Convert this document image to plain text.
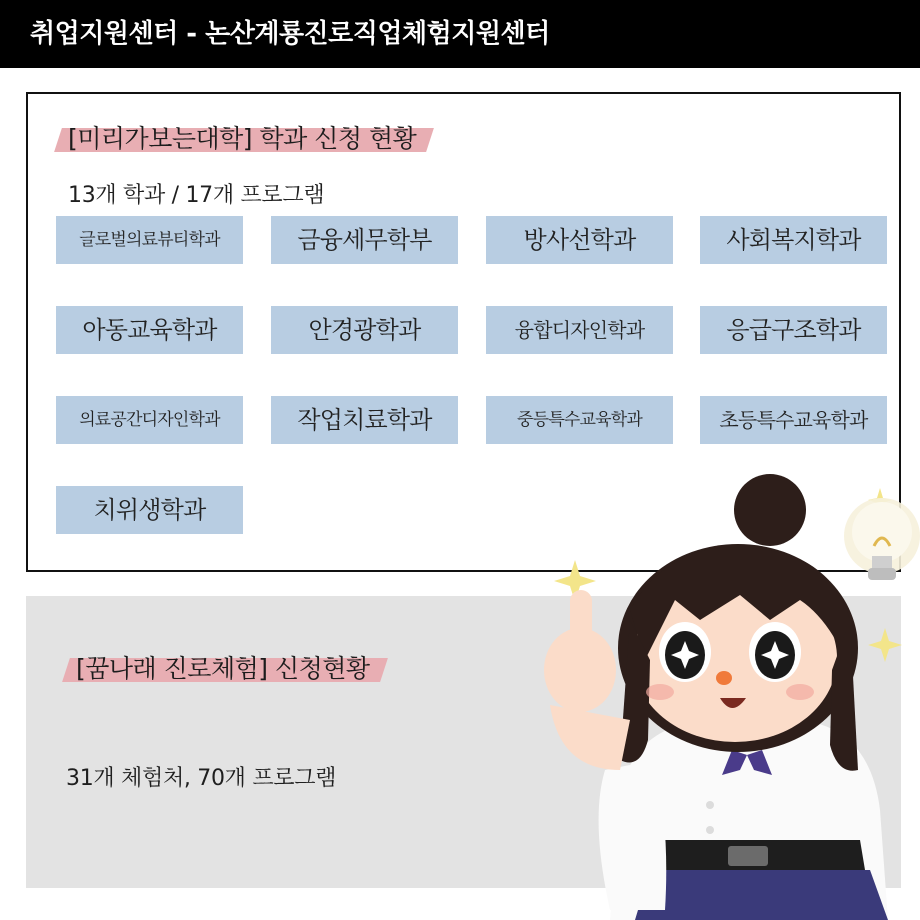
취업지원센터 - 논산계룡진로직업체험지원센터
[미리가보는대학] 학과 신청 현황
13개 학과 / 17개 프로그램
글로벌의료뷰티학과	금융세무학부	방사선학과	사회복지학과
아동교육학과	안경광학과	융합디자인학과	응급구조학과
의료공간디자인학과	작업치료학과	중등특수교육학과	초등특수교육학과
치위생학과
[꿈나래 진로체험] 신청현황
31개 체험처, 70개 프로그램
